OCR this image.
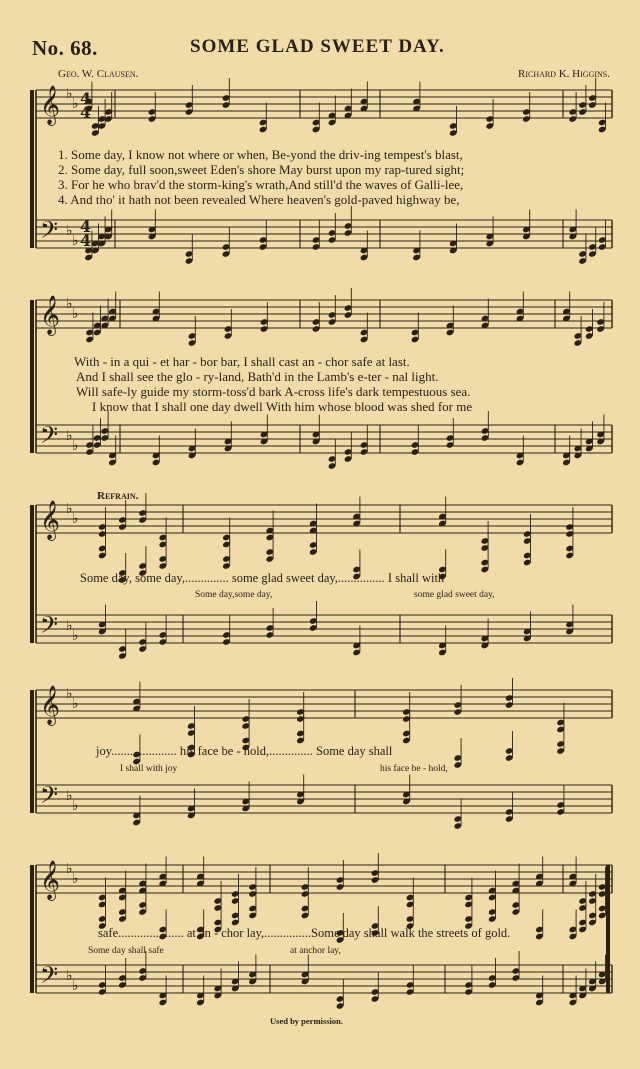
𝄞
𝄢
♭
♭
♭
♭
4
4
4
4
𝄞
𝄢
♭
♭
♭
♭
𝄞
𝄢
♭
♭
♭
♭
𝄞
𝄢
♭
♭
♭
♭
𝄞
𝄢
♭
♭
♭
♭
No. 68.	SOME GLAD SWEET DAY.
Geo. W. Clausen.	Richard K. Higgins.
1. Some day, I know not where or when, Be-yond the driv-ing tempest's blast,
2. Some day, full soon,sweet Eden's shore May burst upon my rap-tured sight;
3. For he who brav'd the storm-king's wrath,And still'd the waves of Galli-lee,
4. And tho' it hath not been revealed Where heaven's gold-paved highway be,
With - in a qui - et har - bor bar, I shall cast an - chor safe at last.
And I shall see the glo - ry-land, Bath'd in the Lamb's e-ter - nal light.
Will safe-ly guide my storm-toss'd bark A-cross life's dark tempestuous sea.
I know that I shall one day dwell With him whose blood was shed for me
Refrain.
Some day, some day,.............. some glad sweet day,............... I shall with
Some day,some day,	some glad sweet day,
joy..................... his face be - hold,.............. Some day shall
I shall with joy	his face be - hold,
safe..................... at an - chor lay,...............Some day shall walk the streets of gold.
Some day shall safe	at anchor lay,
Used by permission.
